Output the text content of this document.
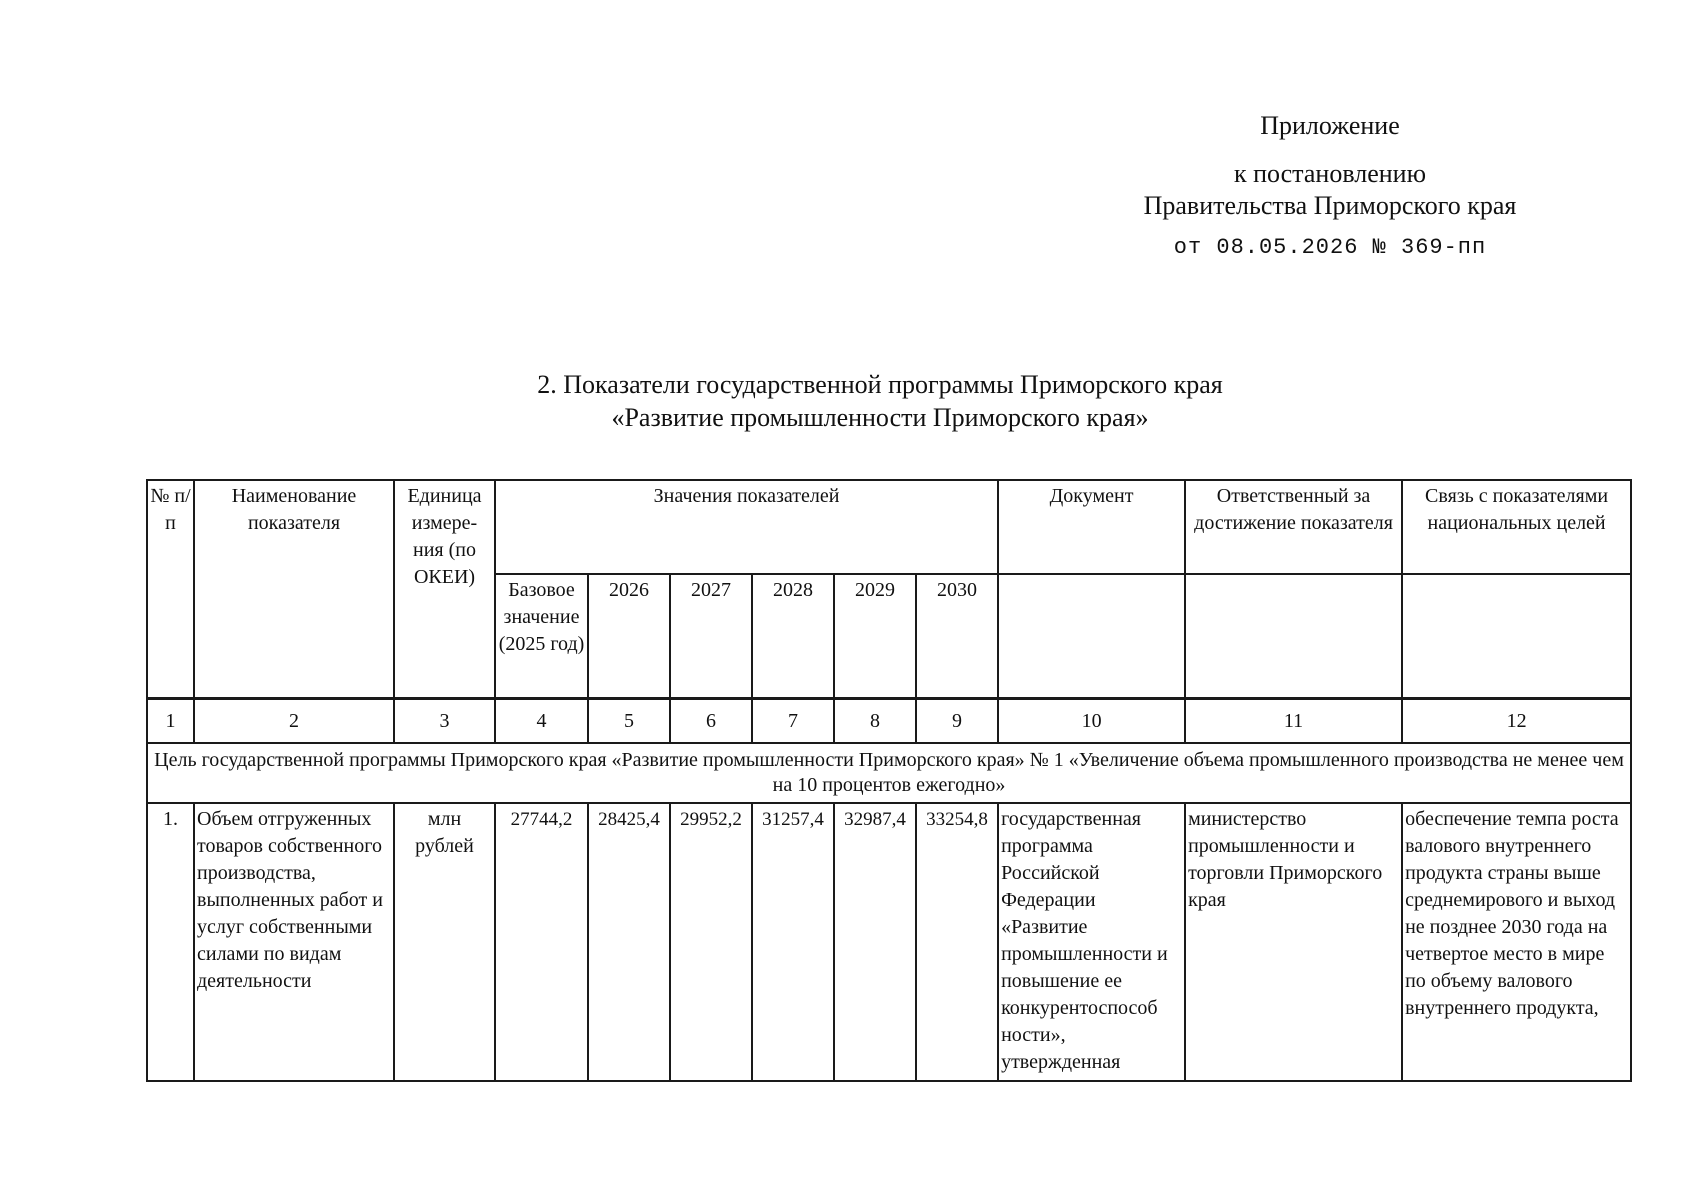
Приложение
к постановлению
Правительства Приморского края
от 08.05.2026 № 369-пп
2. Показатели государственной программы Приморского края
«Развитие промышленности Приморского края»
№ п/п	Наименование показателя	Единица измере-ния (по ОКЕИ)	Значения показателей						Документ	Ответственный за достижение показателя	Связь с показателями национальных целей
			Базовое значение (2025 год)	2026	2027	2028	2029	2030			
1	2	3	4	5	6	7	8	9	10	11	12
Цель государственной программы Приморского края «Развитие промышленности Приморского края» № 1 «Увеличение объема промышленного производства не менее чем на 10 процентов ежегодно»											
1.	Объем отгруженных товаров собственного производства, выполненных работ и услуг собственными силами по видам деятельности	млн рублей	27744,2	28425,4	29952,2	31257,4	32987,4	33254,8	государственная программа Российской Федерации «Развитие промышленности и повышение ее конкурентоспособ ности», утвержденная	министерство промышленности и торговли Приморского края	обеспечение темпа роста валового внутреннего продукта страны выше среднемирового и выход не позднее 2030 года на четвертое место в мире по объему валового внутреннего продукта,
